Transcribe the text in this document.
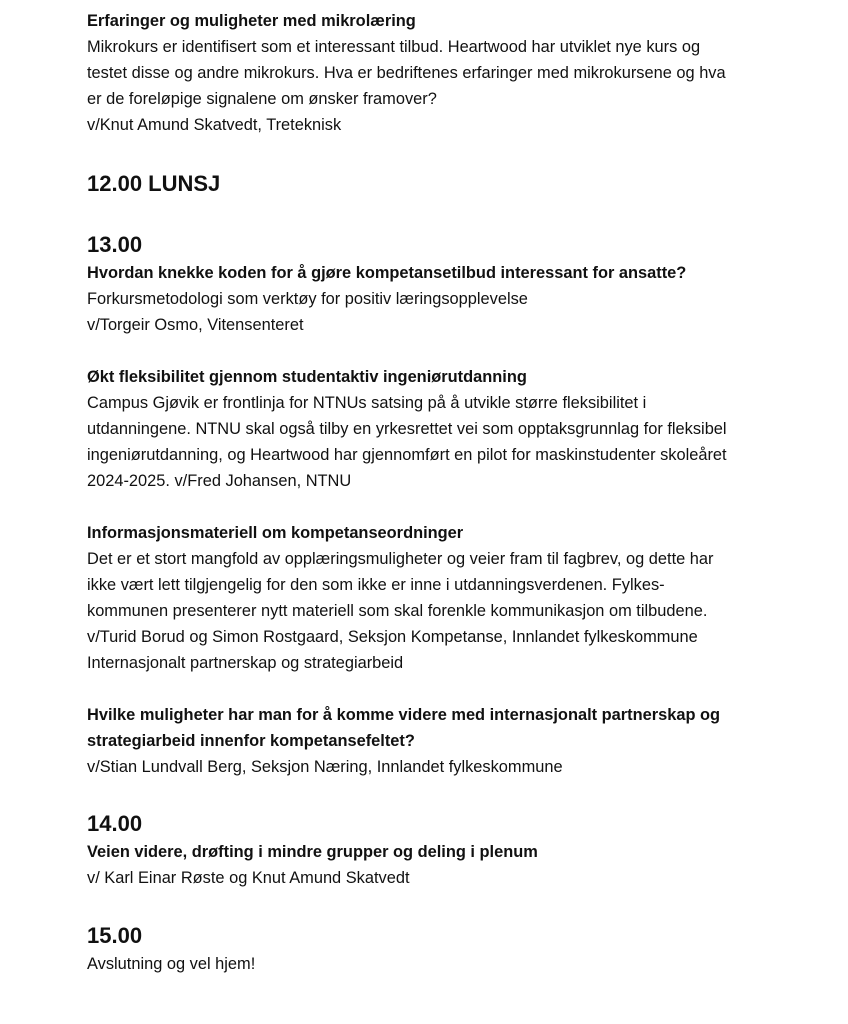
Erfaringer og muligheter med mikrolæring

Mikrokurs er identifisert som et interessant tilbud. Heartwood har utviklet nye kurs og

testet disse og andre mikrokurs. Hva er bedriftenes erfaringer med mikrokursene og hva

er de foreløpige signalene om ønsker framover?

v/Knut Amund Skatvedt, Treteknisk

12.00 LUNSJ

13.00

Hvordan knekke koden for å gjøre kompetansetilbud interessant for ansatte?

Forkursmetodologi som verktøy for positiv læringsopplevelse

v/Torgeir Osmo, Vitensenteret

Økt fleksibilitet gjennom studentaktiv ingeniørutdanning

Campus Gjøvik er frontlinja for NTNUs satsing på å utvikle større fleksibilitet i

utdanningene. NTNU skal også tilby en yrkesrettet vei som opptaksgrunnlag for fleksibel

ingeniørutdanning, og Heartwood har gjennomført en pilot for maskinstudenter skoleåret

2024-2025. v/Fred Johansen, NTNU

Informasjonsmateriell om kompetanseordninger

Det er et stort mangfold av opplæringsmuligheter og veier fram til fagbrev, og dette har

ikke vært lett tilgjengelig for den som ikke er inne i utdanningsverdenen. Fylkes-

kommunen presenterer nytt materiell som skal forenkle kommunikasjon om tilbudene.

v/Turid Borud og Simon Rostgaard, Seksjon Kompetanse, Innlandet fylkeskommune

Internasjonalt partnerskap og strategiarbeid

Hvilke muligheter har man for å komme videre med internasjonalt partnerskap og

strategiarbeid innenfor kompetansefeltet?

v/Stian Lundvall Berg, Seksjon Næring, Innlandet fylkeskommune

14.00

Veien videre, drøfting i mindre grupper og deling i plenum

v/ Karl Einar Røste og Knut Amund Skatvedt

15.00

Avslutning og vel hjem!
